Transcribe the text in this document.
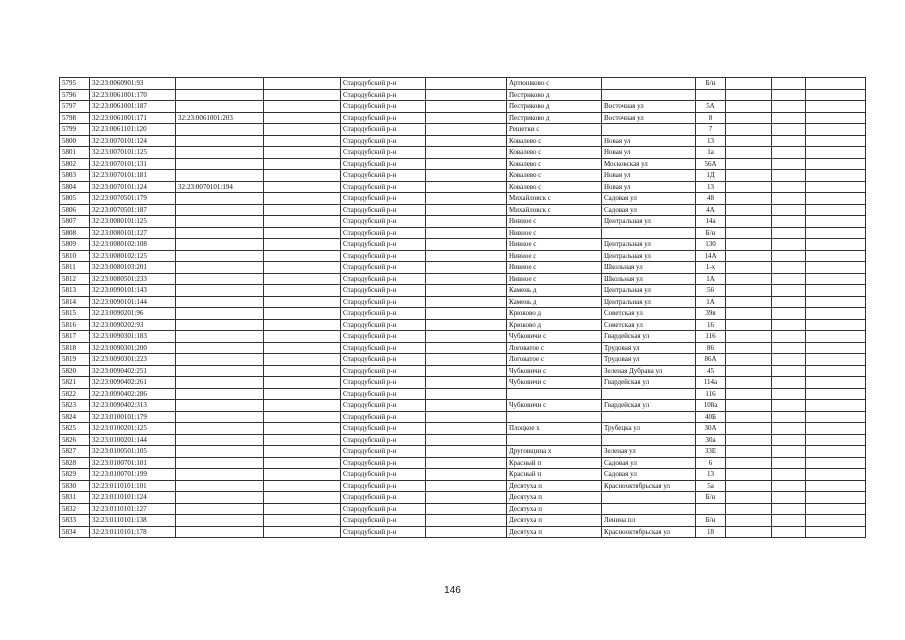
5795	32:23:0060901:93			Стародубский р-н		Артюшково с		Б/н			
5796	32:23:0061001:170			Стародубский р-н		Пестриково д					
5797	32:23:0061001:187			Стародубский р-н		Пестриково д	Восточная ул	5А			
5798	32:23:0061001:171	32:23:0061001:203		Стародубский р-н		Пестриково д	Восточная ул	8			
5799	32:23:0061101:120			Стародубский р-н		Решетки с		7			
5800	32:23:0070101:124			Стародубский р-н		Ковалево с	Новая ул	13			
5801	32:23:0070101:125			Стародубский р-н		Ковалево с	Новая ул	1а			
5802	32:23:0070101:131			Стародубский р-н		Ковалево с	Московская ул	56А			
5803	32:23:0070101:181			Стародубский р-н		Ковалево с	Новая ул	1Д			
5804	32:23:0070101:124	32:23:0070101:194		Стародубский р-н		Ковалево с	Новая ул	13			
5805	32:23:0070501:179			Стародубский р-н		Михайловск с	Садовая ул	48			
5806	32:23:0070501:187			Стародубский р-н		Михайловск с	Садовая ул	4А			
5807	32:23:0080101:125			Стародубский р-н		Нивное с	Центральная ул	14а			
5808	32:23:0080101:127			Стародубский р-н		Нивное с		Б/н			
5809	32:23:0080102:108			Стародубский р-н		Нивное с	Центральная ул	130			
5810	32:23:0080102:125			Стародубский р-н		Нивное с	Центральная ул	14А			
5811	32:23:0080103:201			Стародубский р-н		Нивное с	Школьная ул	1-х			
5812	32:23:0080501:233			Стародубский р-н		Нивное с	Школьная ул	1А			
5813	32:23:0090101:143			Стародубский р-н		Камень д	Центральная ул	56			
5814	32:23:0090101:144			Стародубский р-н		Камень д	Центральная ул	1А			
5815	32:23:0090201:96			Стародубский р-н		Крюково д	Советская ул	39в			
5816	32:23:0090202:93			Стародубский р-н		Крюково д	Советская ул	16			
5817	32:23:0090301:183			Стародубский р-н		Чубковичи с	Гвардейская ул	116			
5818	32:23:0090301:200			Стародубский р-н		Логоватое с	Трудовая ул	86			
5819	32:23:0090301:223			Стародубский р-н		Логоватое с	Трудовая ул	86А			
5820	32:23:0090402:251			Стародубский р-н		Чубковичи с	Зеленая Дубрава ул	45			
5821	32:23:0090402:261			Стародубский р-н		Чубковичи с	Гвардейская ул	114а			
5822	32:23:0090402:286			Стародубский р-н				116			
5823	32:23:0090402:313			Стародубский р-н		Чубковичи с	Гвардейская ул	108а			
5824	32:23:0100101:179			Стародубский р-н				40Б			
5825	32:23:0100201:125			Стародубский р-н		Плоцкое х	Трубецка ул	30А			
5826	32:23:0100201:144			Стародубский р-н				30а			
5827	32:23:0100501:105			Стародубский р-н		Друговщина х	Зеленая ул	33Е			
5828	32:23:0100701:101			Стародубский р-н		Красный п	Садовая ул	6			
5829	32:23:0100701:199			Стародубский р-н		Красный п	Садовая ул	13			
5830	32:23:0110101:101			Стародубский р-н		Десятуха п	Красноoктябрьская ул	5а			
5831	32:23:0110101:124			Стародубский р-н		Десятуха п		Б/н			
5832	32:23:0110101:127			Стародубский р-н		Десятуха п					
5833	32:23:0110101:138			Стародубский р-н		Десятуха п	Ленина пл	Б/н			
5834	32:23:0110101:178			Стародубский р-н		Десятуха п	Красноoктябрьская ул	18			
146
